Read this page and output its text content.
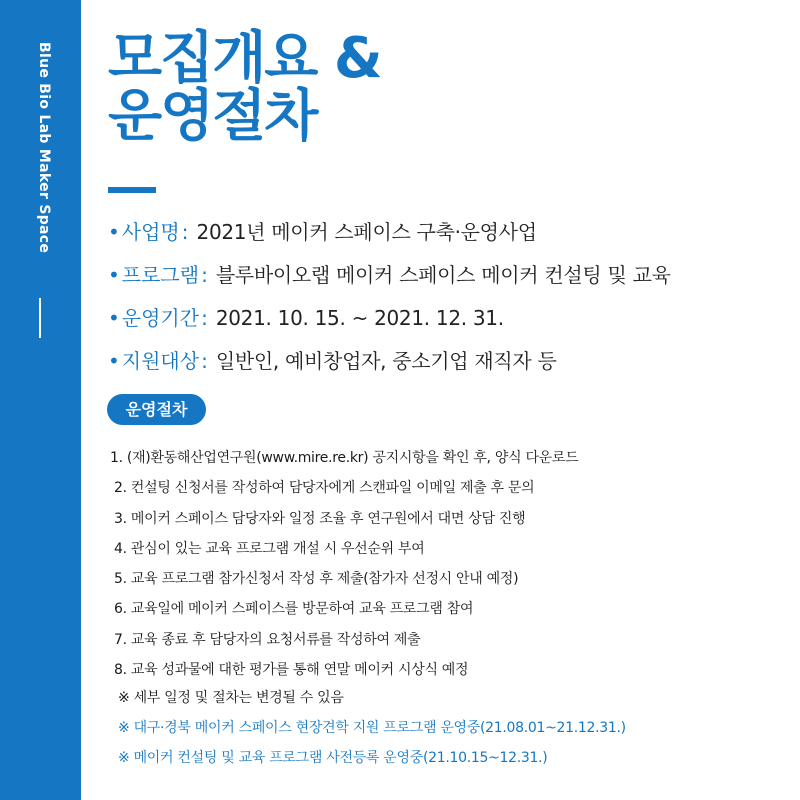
Blue Bio Lab Maker Space 모집개요 &
운영절차
• 사업명 : 2021년 메이커 스페이스 구축·운영사업
• 프로그램 : 블루바이오랩 메이커 스페이스 메이커 컨설팅 및 교육
• 운영기간 : 2021. 10. 15. ~ 2021. 12. 31.
• 지원대상 : 일반인, 예비창업자, 중소기업 재직자 등
운영절차
1. (재)환동해산업연구원(www.mire.re.kr) 공지시항을 확인 후, 양식 다운로드
2. 컨설팅 신청서를 작성하여 담당자에게 스캔파일 이메일 제출 후 문의
3. 메이커 스페이스 담당자와 일정 조율 후 연구원에서 대면 상담 진행
4. 관심이 있는 교육 프로그램 개설 시 우선순위 부여
5. 교육 프로그램 참가신청서 작성 후 제출(참가자 선정시 안내 예정)
6. 교육일에 메이커 스페이스를 방문하여 교육 프로그램 참여
7. 교육 종료 후 담당자의 요청서류를 작성하여 제출
8. 교육 성과물에 대한 평가를 통해 연말 메이커 시상식 예정
※ 세부 일정 및 절차는 변경될 수 있음
※ 대구·경북 메이커 스페이스 현장견학 지원 프로그램 운영중(21.08.01~21.12.31.)
※ 메이커 컨설팅 및 교육 프로그램 사전등록 운영중(21.10.15~12.31.)
